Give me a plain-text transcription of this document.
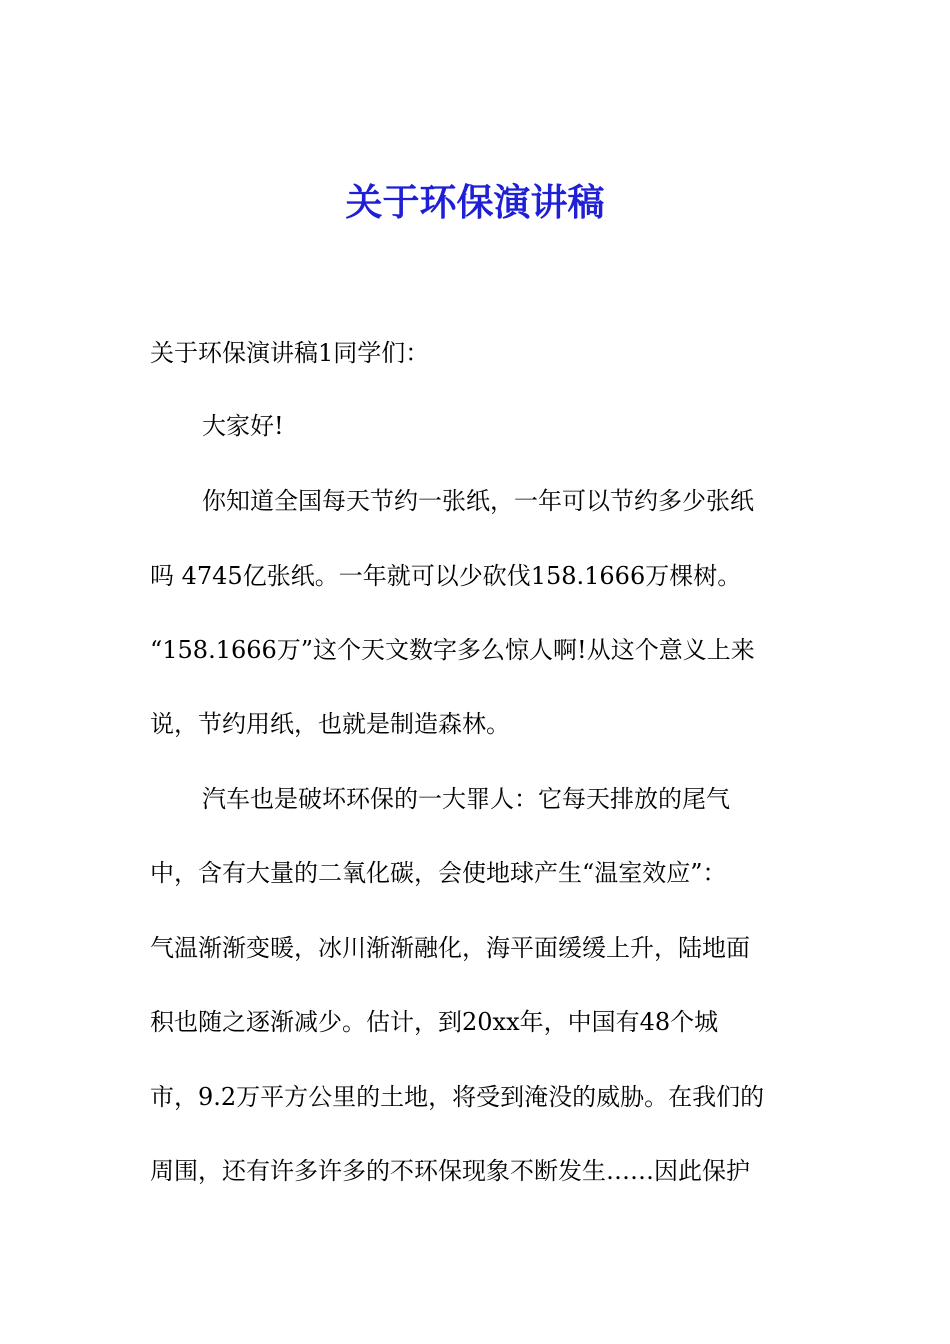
关于环保演讲稿

关于环保演讲稿1同学们：

大家好!

你知道全国每天节约一张纸，一年可以节约多少张纸

吗 4745亿张纸。一年就可以少砍伐158.1666万棵树。

“158.1666万”这个天文数字多么惊人啊!从这个意义上来

说，节约用纸，也就是制造森林。

汽车也是破坏环保的一大罪人：它每天排放的尾气

中，含有大量的二氧化碳，会使地球产生“温室效应”：

气温渐渐变暖，冰川渐渐融化，海平面缓缓上升，陆地面

积也随之逐渐减少。估计，到20xx年，中国有48个城

市，9.2万平方公里的土地，将受到淹没的威胁。在我们的

周围，还有许多许多的不环保现象不断发生……因此保护
